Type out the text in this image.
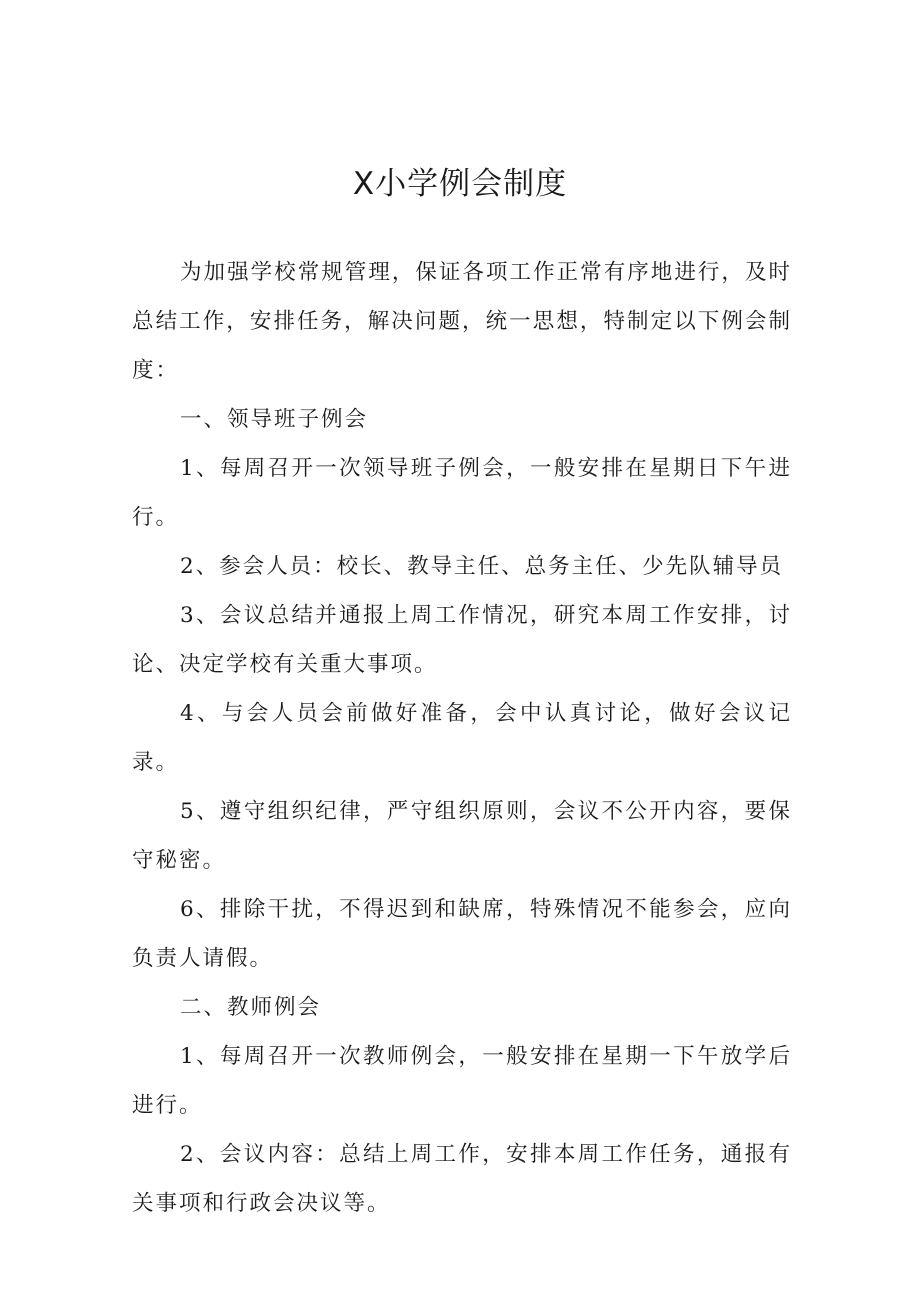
X小学例会制度

为加强学校常规管理，保证各项工作正常有序地进行，及时总结工作，安排任务，解决问题，统一思想，特制定以下例会制度：

一、领导班子例会

1、每周召开一次领导班子例会，一般安排在星期日下午进行。

2、参会人员：校长、教导主任、总务主任、少先队辅导员

3、会议总结并通报上周工作情况，研究本周工作安排，讨论、决定学校有关重大事项。

4、与会人员会前做好准备，会中认真讨论，做好会议记录。

5、遵守组织纪律，严守组织原则，会议不公开内容，要保守秘密。

6、排除干扰，不得迟到和缺席，特殊情况不能参会，应向负责人请假。

二、教师例会

1、每周召开一次教师例会，一般安排在星期一下午放学后进行。

2、会议内容：总结上周工作，安排本周工作任务，通报有关事项和行政会决议等。
